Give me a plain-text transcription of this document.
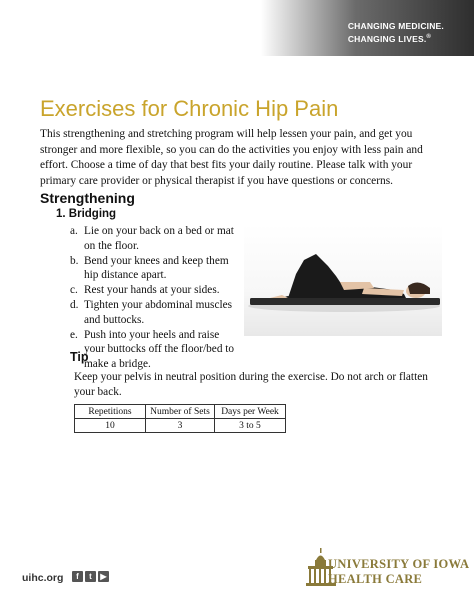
CHANGING MEDICINE.
CHANGING LIVES.®
Exercises for Chronic Hip Pain

This strengthening and stretching program will help lessen your pain, and get you stronger and more flexible, so you can do the activities you enjoy with less pain and effort. Choose a time of day that best fits your daily routine. Please talk with your primary care provider or physical therapist if you have questions or concerns.

Strengthening
1. Bridging
a. Lie on your back on a bed or mat on the floor.
b. Bend your knees and keep them hip distance apart.
c. Rest your hands at your sides.
d. Tighten your abdominal muscles and buttocks.
e. Push into your heels and raise your buttocks off the floor/bed to make a bridge.
Tip

Keep your pelvis in neutral position during the exercise. Do not arch or flatten your back.

Repetitions	Number of Sets	Days per Week
10	3	3 to 5
uihc.org	f	t	▶
UNIVERSITY OF IOWA
HEALTH CARE
